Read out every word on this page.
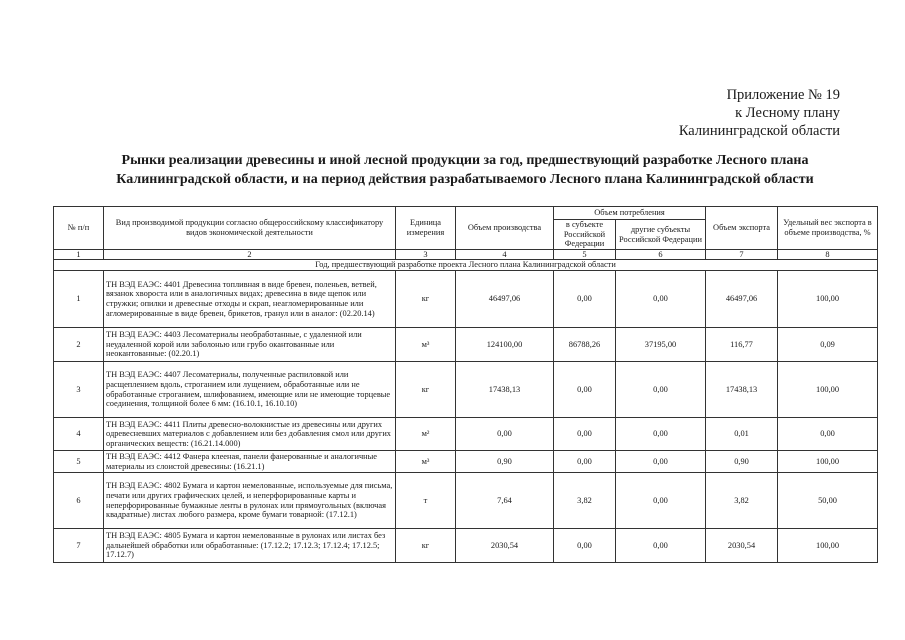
Приложение № 19
к Лесному плану
Калининградской области
Рынки реализации древесины и иной лесной продукции за год, предшествующий разработке Лесного плана
Калининградской области, и на период действия разрабатываемого Лесного плана Калининградской области
№ п/п	Вид производимой продукции согласно общероссийскому классификатору видов экономической деятельности	Единица измерения	Объем производства	Объем потребления		Объем экспорта	Удельный вес экспорта в объеме производства, %
				в субъекте Российской Федерации	другие субъекты Российской Федерации		
1	2	3	4	5	6	7	8
Год, предшествующий разработке проекта Лесного плана Калининградской области							
1	ТН ВЭД ЕАЭС: 4401 Древесина топливная в виде бревен, поленьев, ветвей, вязанок хвороста или в аналогичных видах; древесина в виде щепок или стружки; опилки и древесные отходы и скрап, неагломерированные или агломерированные в виде бревен, брикетов, гранул или в аналог: (02.20.14)	кг	46497,06	0,00	0,00	46497,06	100,00
2	ТН ВЭД ЕАЭС: 4403 Лесоматериалы необработанные, с удаленной или неудаленной корой или заболонью или грубо окантованные или неокантованные: (02.20.1)	м³	124100,00	86788,26	37195,00	116,77	0,09
3	ТН ВЭД ЕАЭС: 4407 Лесоматериалы, полученные распиловкой или расщеплением вдоль, строганием или лущением, обработанные или не обработанные строганием, шлифованием, имеющие или не имеющие торцевые соединения, толщиной более 6 мм: (16.10.1, 16.10.10)	кг	17438,13	0,00	0,00	17438,13	100,00
4	ТН ВЭД ЕАЭС: 4411 Плиты древесно-волокнистые из древесины или других одревесневших материалов с добавлением или без добавления смол или других органических веществ: (16.21.14.000)	м²	0,00	0,00	0,00	0,01	0,00
5	ТН ВЭД ЕАЭС: 4412 Фанера клееная, панели фанерованные и аналогичные материалы из слоистой древесины: (16.21.1)	м³	0,90	0,00	0,00	0,90	100,00
6	ТН ВЭД ЕАЭС: 4802 Бумага и картон немелованные, используемые для письма, печати или других графических целей, и неперфорированные карты и неперфорированные бумажные ленты в рулонах или прямоугольных (включая квадратные) листах любого размера, кроме бумаги товарной: (17.12.1)	т	7,64	3,82	0,00	3,82	50,00
7	ТН ВЭД ЕАЭС: 4805 Бумага и картон немелованные в рулонах или листах без дальнейшей обработки или обработанные: (17.12.2; 17.12.3; 17.12.4; 17.12.5; 17.12.7)	кг	2030,54	0,00	0,00	2030,54	100,00
